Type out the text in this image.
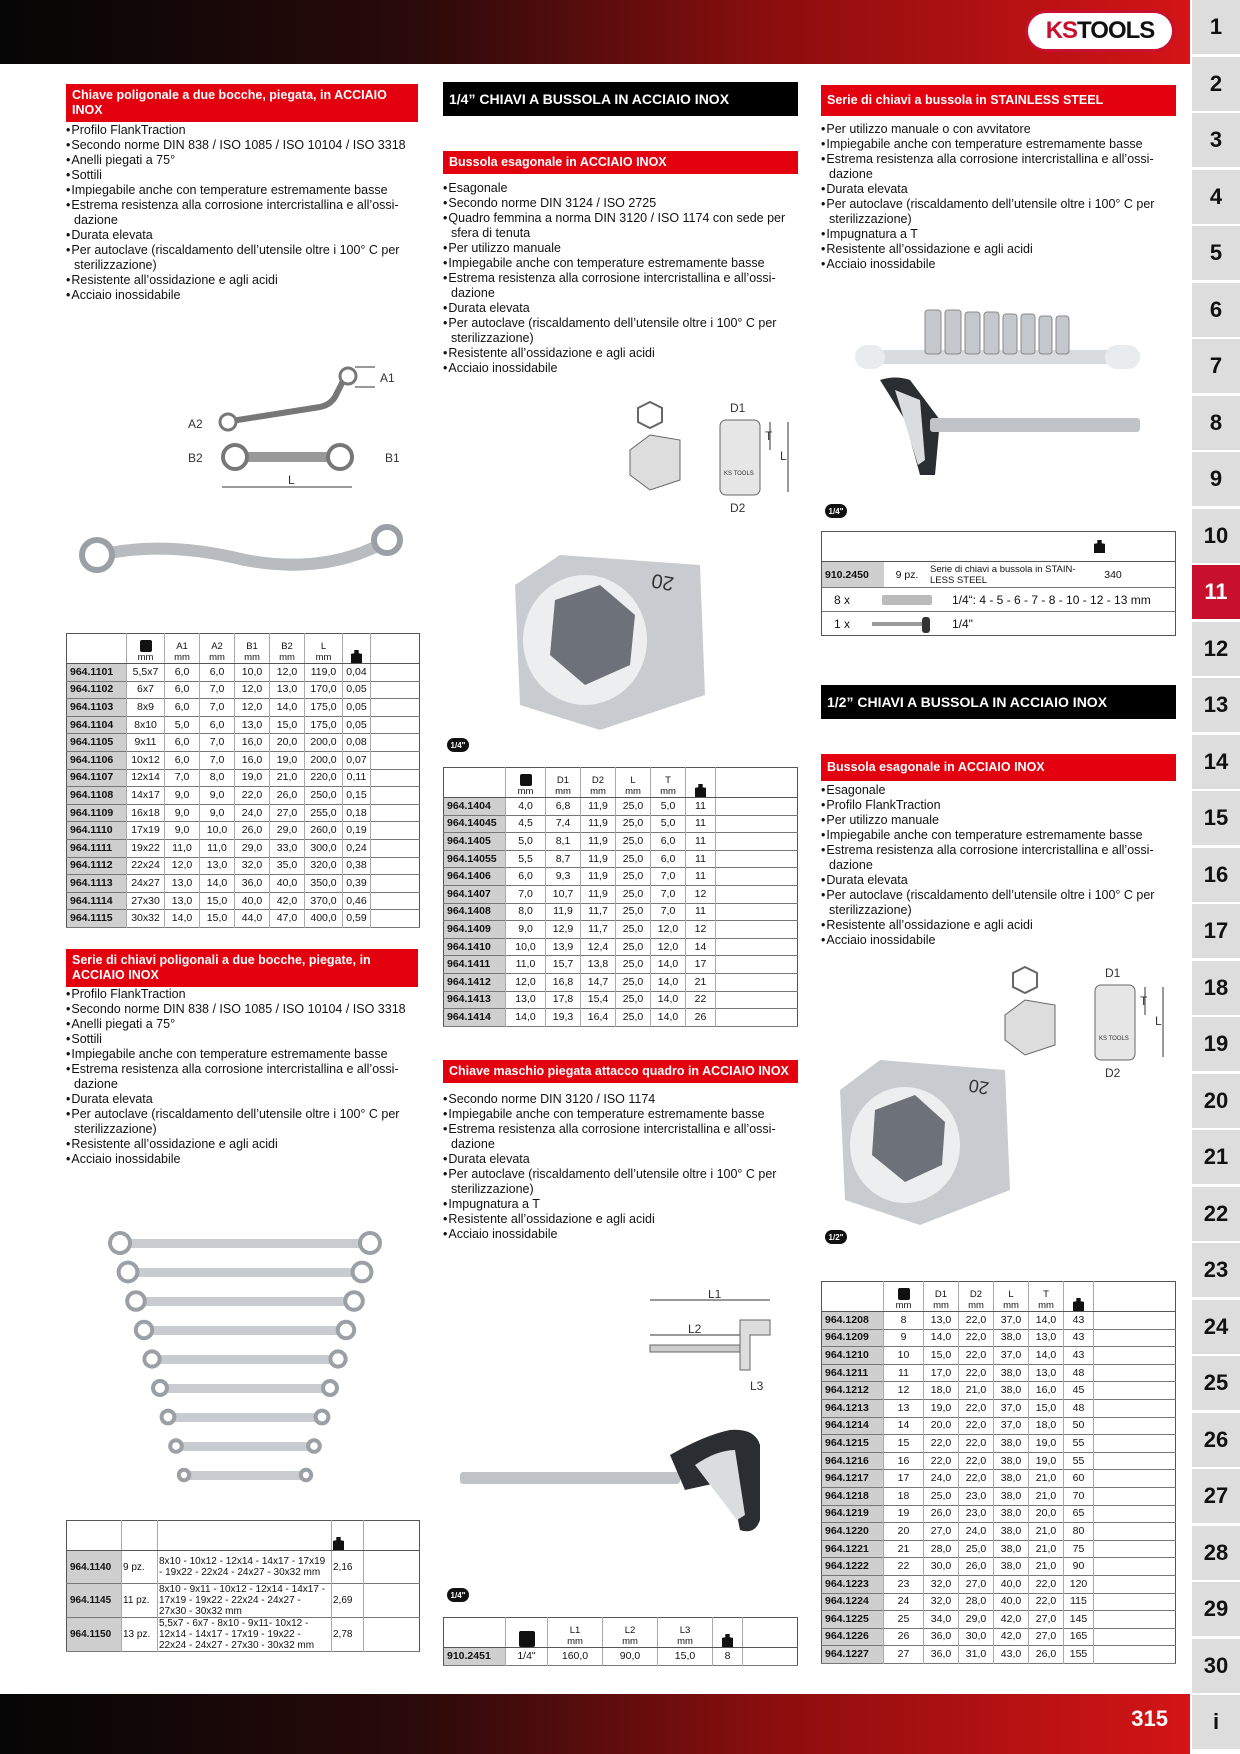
KS TOOLS
315
1
2
3
4
5
6
7
8
9
10
11
12
13
14
15
16
17
18
19
20
21
22
23
24
25
26
27
28
29
30
i
Chiave poligonale a due bocche, piegata, in ACCIAIO INOX
• Profilo FlankTraction
• Secondo norme DIN 838 / ISO 1085 / ISO 10104 / ISO 3318
• Anelli piegati a 75°
• Sottili
• Impiegabile anche con temperature estremamente basse
• Estrema resistenza alla corrosione intercristallina e all’ossi-dazione
• Durata elevata
• Per autoclave (riscaldamento dell’utensile oltre i 100° C per sterilizzazione)
• Resistente all’ossidazione e agli acidi
• Acciaio inossidabile
A1
A2
B2	B1
L

mm	A1
mm	A2
mm	B1
mm	B2
mm	L
mm		
964.1101	5,5x7	6,0	6,0	10,0	12,0	119,0	0,04	
964.1102	6x7	6,0	7,0	12,0	13,0	170,0	0,05	
964.1103	8x9	6,0	7,0	12,0	14,0	175,0	0,05	
964.1104	8x10	5,0	6,0	13,0	15,0	175,0	0,05	
964.1105	9x11	6,0	7,0	16,0	20,0	200,0	0,08	
964.1106	10x12	6,0	7,0	16,0	19,0	200,0	0,07	
964.1107	12x14	7,0	8,0	19,0	21,0	220,0	0,11	
964.1108	14x17	9,0	9,0	22,0	26,0	250,0	0,15	
964.1109	16x18	9,0	9,0	24,0	27,0	255,0	0,18	
964.1110	17x19	9,0	10,0	26,0	29,0	260,0	0,19	
964.1111	19x22	11,0	11,0	29,0	33,0	300,0	0,24	
964.1112	22x24	12,0	13,0	32,0	35,0	320,0	0,38	
964.1113	24x27	13,0	14,0	36,0	40,0	350,0	0,39	
964.1114	27x30	13,0	15,0	40,0	42,0	370,0	0,46	
964.1115	30x32	14,0	15,0	44,0	47,0	400,0	0,59	
Serie di chiavi poligonali a due bocche, piegate, in ACCIAIO INOX
• Profilo FlankTraction
• Secondo norme DIN 838 / ISO 1085 / ISO 10104 / ISO 3318
• Anelli piegati a 75°
• Sottili
• Impiegabile anche con temperature estremamente basse
• Estrema resistenza alla corrosione intercristallina e all’ossi-dazione
• Durata elevata
• Per autoclave (riscaldamento dell’utensile oltre i 100° C per sterilizzazione)
• Resistente all’ossidazione e agli acidi
• Acciaio inossidabile

964.1140	9 pz.	8x10 - 10x12 - 12x14 - 14x17 - 17x19 - 19x22 - 22x24 - 24x27 - 30x32 mm	2,16	
964.1145	11 pz.	8x10 - 9x11 - 10x12 - 12x14 - 14x17 - 17x19 - 19x22 - 22x24 - 24x27 - 27x30 - 30x32 mm	2,69	
964.1150	13 pz.	5,5x7 - 6x7 - 8x10 - 9x11- 10x12 - 12x14 - 14x17 - 17x19 - 19x22 - 22x24 - 24x27 - 27x30 - 30x32 mm	2,78	
1/4” CHIAVI A BUSSOLA IN ACCIAIO INOX
Bussola esagonale in ACCIAIO INOX
• Esagonale
• Secondo norme DIN 3124 / ISO 2725
• Quadro femmina a norma DIN 3120 / ISO 1174 con sede per sfera di tenuta
• Per utilizzo manuale
• Impiegabile anche con temperature estremamente basse
• Estrema resistenza alla corrosione intercristallina e all’ossi-dazione
• Durata elevata
• Per autoclave (riscaldamento dell’utensile oltre i 100° C per sterilizzazione)
• Resistente all’ossidazione e agli acidi
• Acciaio inossidabile
D1
D2
T
L
KS TOOLS
20
1/4"

mm	D1
mm	D2
mm	L
mm	T
mm		
964.1404	4,0	6,8	11,9	25,0	5,0	11	
964.14045	4,5	7,4	11,9	25,0	5,0	11	
964.1405	5,0	8,1	11,9	25,0	6,0	11	
964.14055	5,5	8,7	11,9	25,0	6,0	11	
964.1406	6,0	9,3	11,9	25,0	7,0	11	
964.1407	7,0	10,7	11,9	25,0	7,0	12	
964.1408	8,0	11,9	11,7	25,0	7,0	11	
964.1409	9,0	12,9	11,7	25,0	12,0	12	
964.1410	10,0	13,9	12,4	25,0	12,0	14	
964.1411	11,0	15,7	13,8	25,0	14,0	17	
964.1412	12,0	16,8	14,7	25,0	14,0	21	
964.1413	13,0	17,8	15,4	25,0	14,0	22	
964.1414	14,0	19,3	16,4	25,0	14,0	26	
Chiave maschio piegata attacco quadro in ACCIAIO INOX
• Secondo norme DIN 3120 / ISO 1174
• Impiegabile anche con temperature estremamente basse
• Estrema resistenza alla corrosione intercristallina e all’ossi-dazione
• Durata elevata
• Per autoclave (riscaldamento dell’utensile oltre i 100° C per sterilizzazione)
• Impugnatura a T
• Resistente all’ossidazione e agli acidi
• Acciaio inossidabile
L1
L2
L3
1/4"
		L1
mm	L2
mm	L3
mm		
910.2451	1/4"	160,0	90,0	15,0	8	
Serie di chiavi a bussola in STAINLESS STEEL
• Per utilizzo manuale o con avvitatore
• Impiegabile anche con temperature estremamente basse
• Estrema resistenza alla corrosione intercristallina e all’ossi-dazione
• Durata elevata
• Per autoclave (riscaldamento dell’utensile oltre i 100° C per sterilizzazione)
• Impugnatura a T
• Resistente all’ossidazione e agli acidi
• Acciaio inossidabile
1/4"
910.2450	9 pz.	Serie di chiavi a bussola in STAIN-LESS STEEL	340
8 x	1/4“: 4 - 5 - 6 - 7 - 8 - 10 - 12 - 13 mm
1 x	1/4"
1/2” CHIAVI A BUSSOLA IN ACCIAIO INOX
Bussola esagonale in ACCIAIO INOX
• Esagonale
• Profilo FlankTraction
• Per utilizzo manuale
• Impiegabile anche con temperature estremamente basse
• Estrema resistenza alla corrosione intercristallina e all’ossi-dazione
• Durata elevata
• Per autoclave (riscaldamento dell’utensile oltre i 100° C per sterilizzazione)
• Resistente all’ossidazione e agli acidi
• Acciaio inossidabile
D1
D2
T
L
KS TOOLS
20
1/2"

mm	D1
mm	D2
mm	L
mm	T
mm		
964.1208	8	13,0	22,0	37,0	14,0	43	
964.1209	9	14,0	22,0	38,0	13,0	43	
964.1210	10	15,0	22,0	37,0	14,0	43	
964.1211	11	17,0	22,0	38,0	13,0	48	
964.1212	12	18,0	21,0	38,0	16,0	45	
964.1213	13	19,0	22,0	37,0	15,0	48	
964.1214	14	20,0	22,0	37,0	18,0	50	
964.1215	15	22,0	22,0	38,0	19,0	55	
964.1216	16	22,0	22,0	38,0	19,0	55	
964.1217	17	24,0	22,0	38,0	21,0	60	
964.1218	18	25,0	23,0	38,0	21,0	70	
964.1219	19	26,0	23,0	38,0	20,0	65	
964.1220	20	27,0	24,0	38,0	21,0	80	
964.1221	21	28,0	25,0	38,0	21,0	75	
964.1222	22	30,0	26,0	38,0	21,0	90	
964.1223	23	32,0	27,0	40,0	22,0	120	
964.1224	24	32,0	28,0	40,0	22,0	115	
964.1225	25	34,0	29,0	42,0	27,0	145	
964.1226	26	36,0	30,0	42,0	27,0	165	
964.1227	27	36,0	31,0	43,0	26,0	155	
